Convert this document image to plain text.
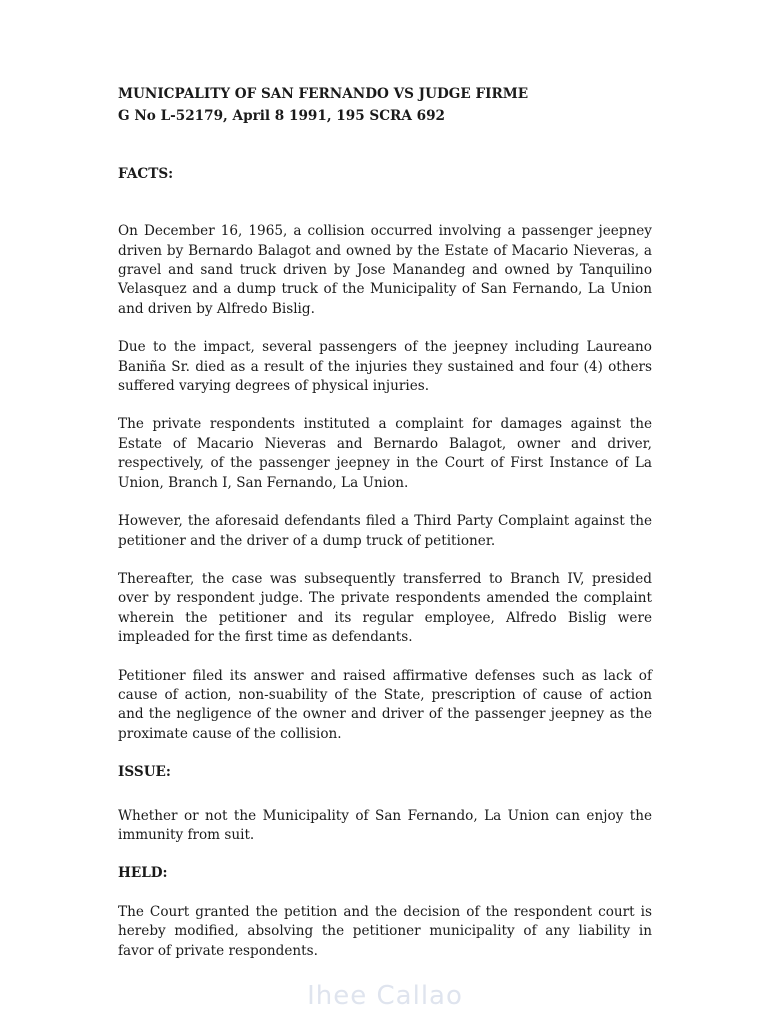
MUNICPALITY OF SAN FERNANDO VS JUDGE FIRME
G No L-52179, April 8 1991, 195 SCRA 692
FACTS:
On December 16, 1965, a collision occurred involving a passenger jeepney driven by Bernardo Balagot and owned by the Estate of Macario Nieveras, a gravel and sand truck driven by Jose Manandeg and owned by Tanquilino Velasquez and a dump truck of the Municipality of San Fernando, La Union and driven by Alfredo Bislig.
Due to the impact, several passengers of the jeepney including Laureano Baniña Sr. died as a result of the injuries they sustained and four (4) others suffered varying degrees of physical injuries.
The private respondents instituted a complaint for damages against the Estate of Macario Nieveras and Bernardo Balagot, owner and driver, respectively, of the passenger jeepney in the Court of First Instance of La Union, Branch I, San Fernando, La Union.
However, the aforesaid defendants filed a Third Party Complaint against the petitioner and the driver of a dump truck of petitioner.
Thereafter, the case was subsequently transferred to Branch IV, presided over by respondent judge. The private respondents amended the complaint wherein the petitioner and its regular employee, Alfredo Bislig were impleaded for the first time as defendants.
Petitioner filed its answer and raised affirmative defenses such as lack of cause of action, non-suability of the State, prescription of cause of action and the negligence of the owner and driver of the passenger jeepney as the proximate cause of the collision.
ISSUE:
Whether or not the Municipality of San Fernando, La Union can enjoy the immunity from suit.
HELD:
The Court granted the petition and the decision of the respondent court is hereby modified, absolving the petitioner municipality of any liability in favor of private respondents.
Ihee Callao
